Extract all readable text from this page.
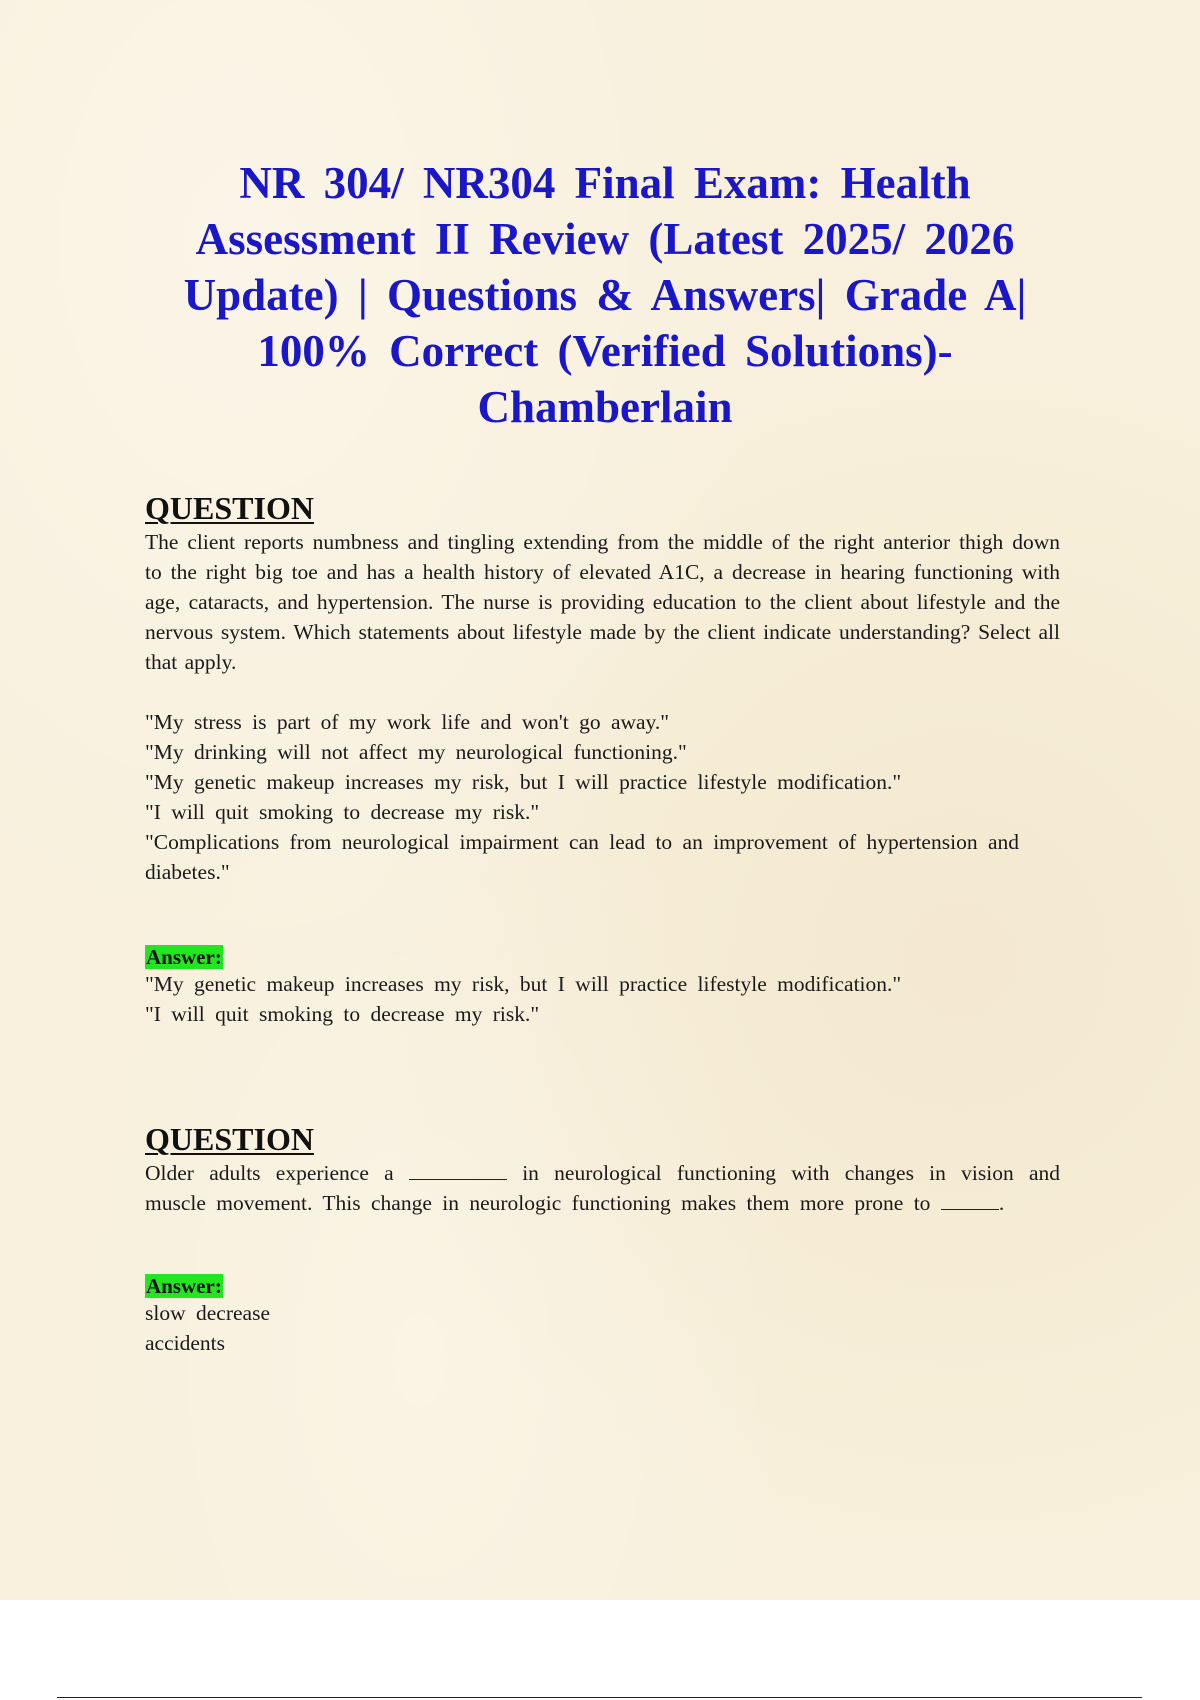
NR 304/ NR304 Final Exam: Health Assessment II Review (Latest 2025/ 2026 Update) | Questions & Answers| Grade A| 100% Correct (Verified Solutions)- Chamberlain
QUESTION

The client reports numbness and tingling extending from the middle of the right anterior thigh down to the right big toe and has a health history of elevated A1C, a decrease in hearing functioning with age, cataracts, and hypertension. The nurse is providing education to the client about lifestyle and the nervous system. Which statements about lifestyle made by the client indicate understanding? Select all that apply.

"My stress is part of my work life and won't go away."
"My drinking will not affect my neurological functioning."
"My genetic makeup increases my risk, but I will practice lifestyle modification."
"I will quit smoking to decrease my risk."
"Complications from neurological impairment can lead to an improvement of hypertension and diabetes."
Answer:
"My genetic makeup increases my risk, but I will practice lifestyle modification."
"I will quit smoking to decrease my risk."
QUESTION

Older adults experience a	in neurological functioning with changes in vision and muscle movement. This change in neurologic functioning makes them more prone to	.

Answer:
slow decrease
accidents
